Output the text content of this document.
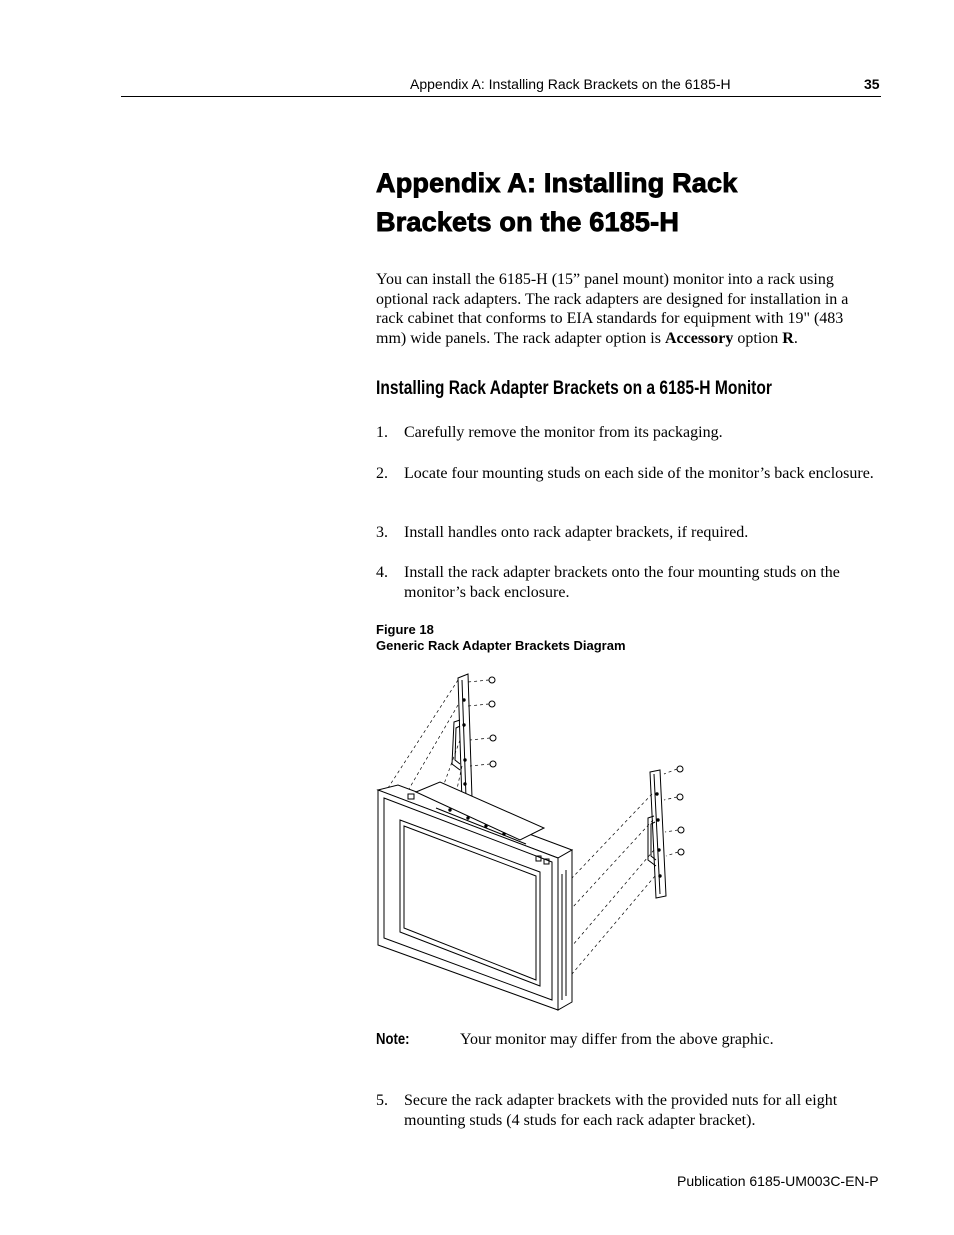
Appendix A: Installing Rack Brackets on the 6185-H	35
Appendix A: Installing Rack
Brackets on the 6185-H
You can install the 6185-H (15” panel mount) monitor into a rack using optional rack adapters. The rack adapters are designed for installation in a rack cabinet that conforms to EIA standards for equipment with 19" (483 mm) wide panels. The rack adapter option is Accessory option R.
Installing Rack Adapter Brackets on a 6185-H Monitor
1. Carefully remove the monitor from its packaging.
2. Locate four mounting studs on each side of the monitor’s back enclosure.
3. Install handles onto rack adapter brackets, if required.
4. Install the rack adapter brackets onto the four mounting studs on the monitor’s back enclosure.
Figure 18
Generic Rack Adapter Brackets Diagram
Note:	Your monitor may differ from the above graphic.
5. Secure the rack adapter brackets with the provided nuts for all eight mounting studs (4 studs for each rack adapter bracket).
Publication 6185-UM003C-EN-P
